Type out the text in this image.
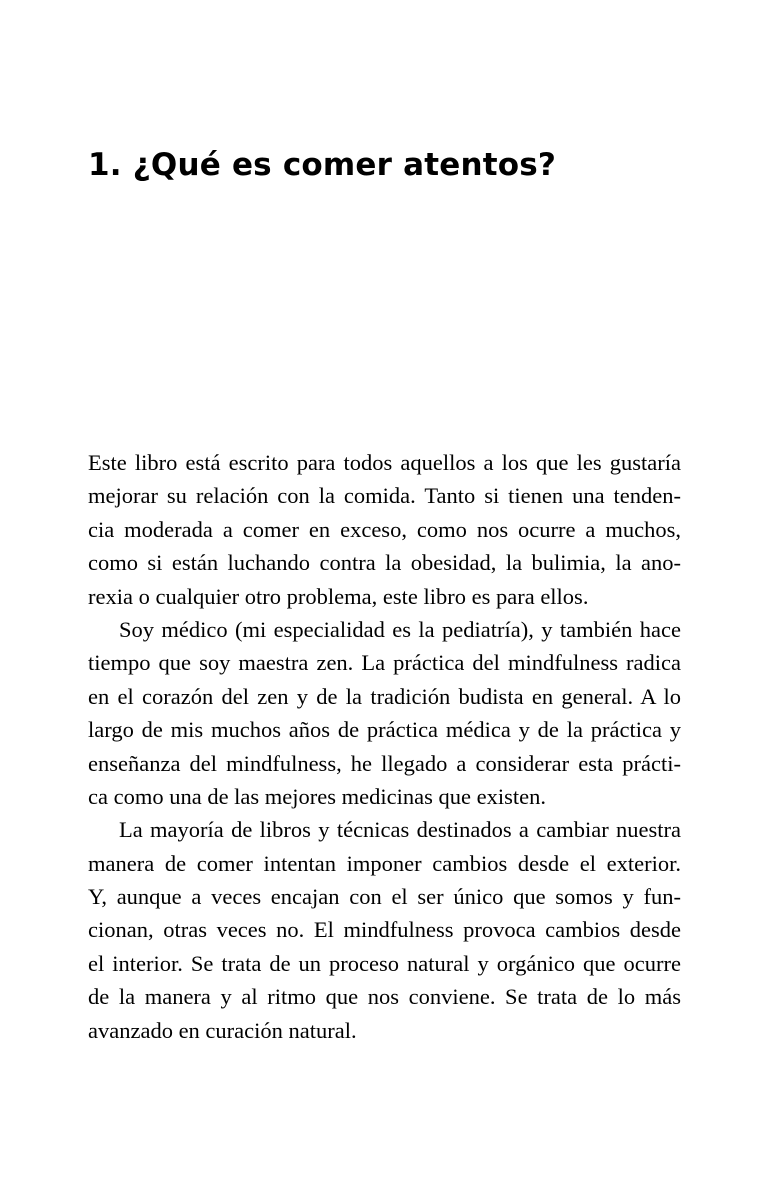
1. ¿Qué es comer atentos?
Este libro está escrito para todos aquellos a los que les gustaría
mejorar su relación con la comida. Tanto si tienen una tenden-
cia moderada a comer en exceso, como nos ocurre a muchos,
como si están luchando contra la obesidad, la bulimia, la ano-
rexia o cualquier otro problema, este libro es para ellos.
Soy médico (mi especialidad es la pediatría), y también hace
tiempo que soy maestra zen. La práctica del mindfulness radica
en el corazón del zen y de la tradición budista en general. A lo
largo de mis muchos años de práctica médica y de la práctica y
enseñanza del mindfulness, he llegado a considerar esta prácti-
ca como una de las mejores medicinas que existen.
La mayoría de libros y técnicas destinados a cambiar nuestra
manera de comer intentan imponer cambios desde el exterior.
Y, aunque a veces encajan con el ser único que somos y fun-
cionan, otras veces no. El mindfulness provoca cambios desde
el interior. Se trata de un proceso natural y orgánico que ocurre
de la manera y al ritmo que nos conviene. Se trata de lo más
avanzado en curación natural.
